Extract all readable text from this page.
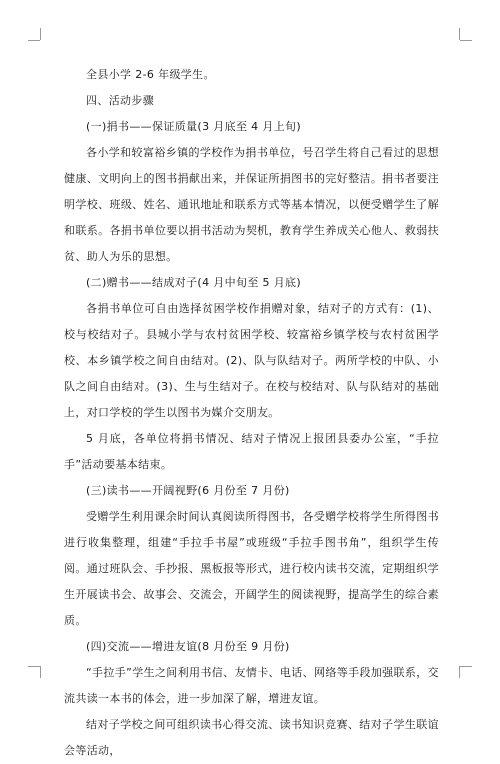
全县小学 2-6 年级学生。

四、活动步骤

(一)捐书——保证质量(3 月底至 4 月上旬)

各小学和较富裕乡镇的学校作为捐书单位，号召学生将自己看过的思想健康、文明向上的图书捐献出来，并保证所捐图书的完好整洁。捐书者要注明学校、班级、姓名、通讯地址和联系方式等基本情况，以便受赠学生了解和联系。各捐书单位要以捐书活动为契机，教育学生养成关心他人、救弱扶贫、助人为乐的思想。

(二)赠书——结成对子(4 月中旬至 5 月底)

各捐书单位可自由选择贫困学校作捐赠对象，结对子的方式有：(1)、校与校结对子。县城小学与农村贫困学校、较富裕乡镇学校与农村贫困学校、本乡镇学校之间自由结对。(2)、队与队结对子。两所学校的中队、小队之间自由结对。(3)、生与生结对子。在校与校结对、队与队结对的基础上，对口学校的学生以图书为媒介交朋友。

5 月底，各单位将捐书情况、结对子情况上报团县委办公室，“手拉手”活动要基本结束。

(三)读书——开阔视野(6 月份至 7 月份)

受赠学生利用课余时间认真阅读所得图书，各受赠学校将学生所得图书进行收集整理，组建“手拉手书屋”或班级“手拉手图书角”，组织学生传阅。通过班队会、手抄报、黑板报等形式，进行校内读书交流，定期组织学生开展读书会、故事会、交流会，开阔学生的阅读视野，提高学生的综合素质。

(四)交流——增进友谊(8 月份至 9 月份)

“手拉手”学生之间利用书信、友情卡、电话、网络等手段加强联系，交流共读一本书的体会，进一步加深了解，增进友谊。

结对子学校之间可组织读书心得交流、读书知识竞赛、结对子学生联谊会等活动，
